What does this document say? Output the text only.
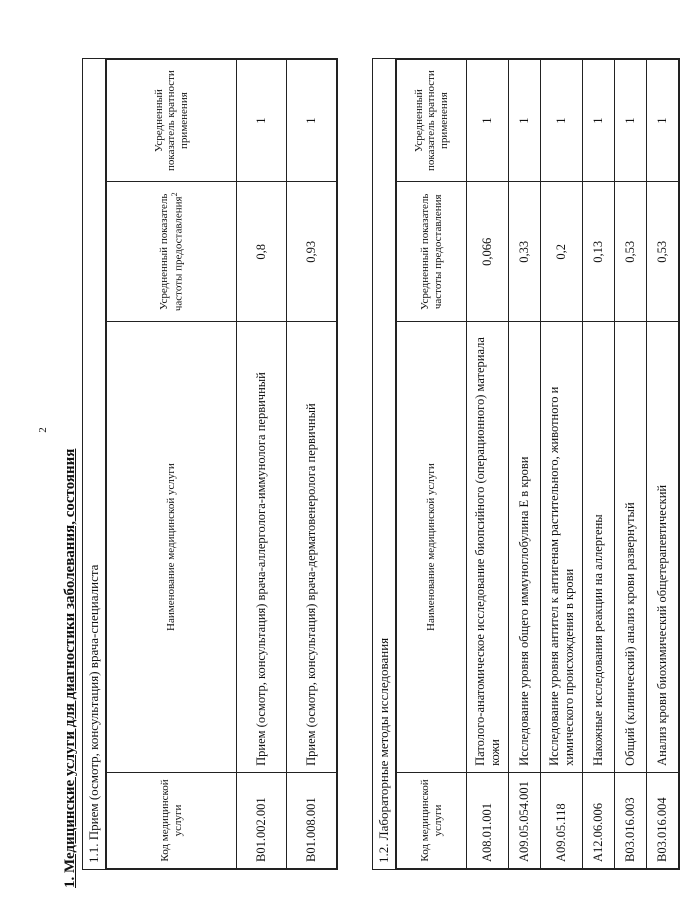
2
1. Медицинские услуги для диагностики заболевания, состояния 1.1. Прием (осмотр, консультация) врача-специалиста	Код медицинской услуги	Наименование медицинской услуги	Усредненный показатель частоты предоставления$^2$	Усредненный показатель кратности применения
B01.002.001	Прием (осмотр, консультация) врача-аллерголога-иммунолога первичный	0,8	1
B01.008.001	Прием (осмотр, консультация) врача-дерматовенеролога первичный	0,93	1
1.2. Лабораторные методы исследования	Код медицинской услуги	Наименование медицинской услуги	Усредненный показатель частоты предоставления	Усредненный показатель кратности применения
A08.01.001	Патолого-анатомическое исследование биопсийного (операционного) материала кожи	0,066	1
A09.05.054.001	Исследование уровня общего иммуноглобулина E в крови	0,33	1
A09.05.118	Исследование уровня антител к антигенам растительного, животного и химического происхождения в крови	0,2	1
A12.06.006	Накожные исследования реакции на аллергены	0,13	1
B03.016.003	Общий (клинический) анализ крови развернутый	0,53	1
B03.016.004	Анализ крови биохимический общетерапевтический	0,53	1
